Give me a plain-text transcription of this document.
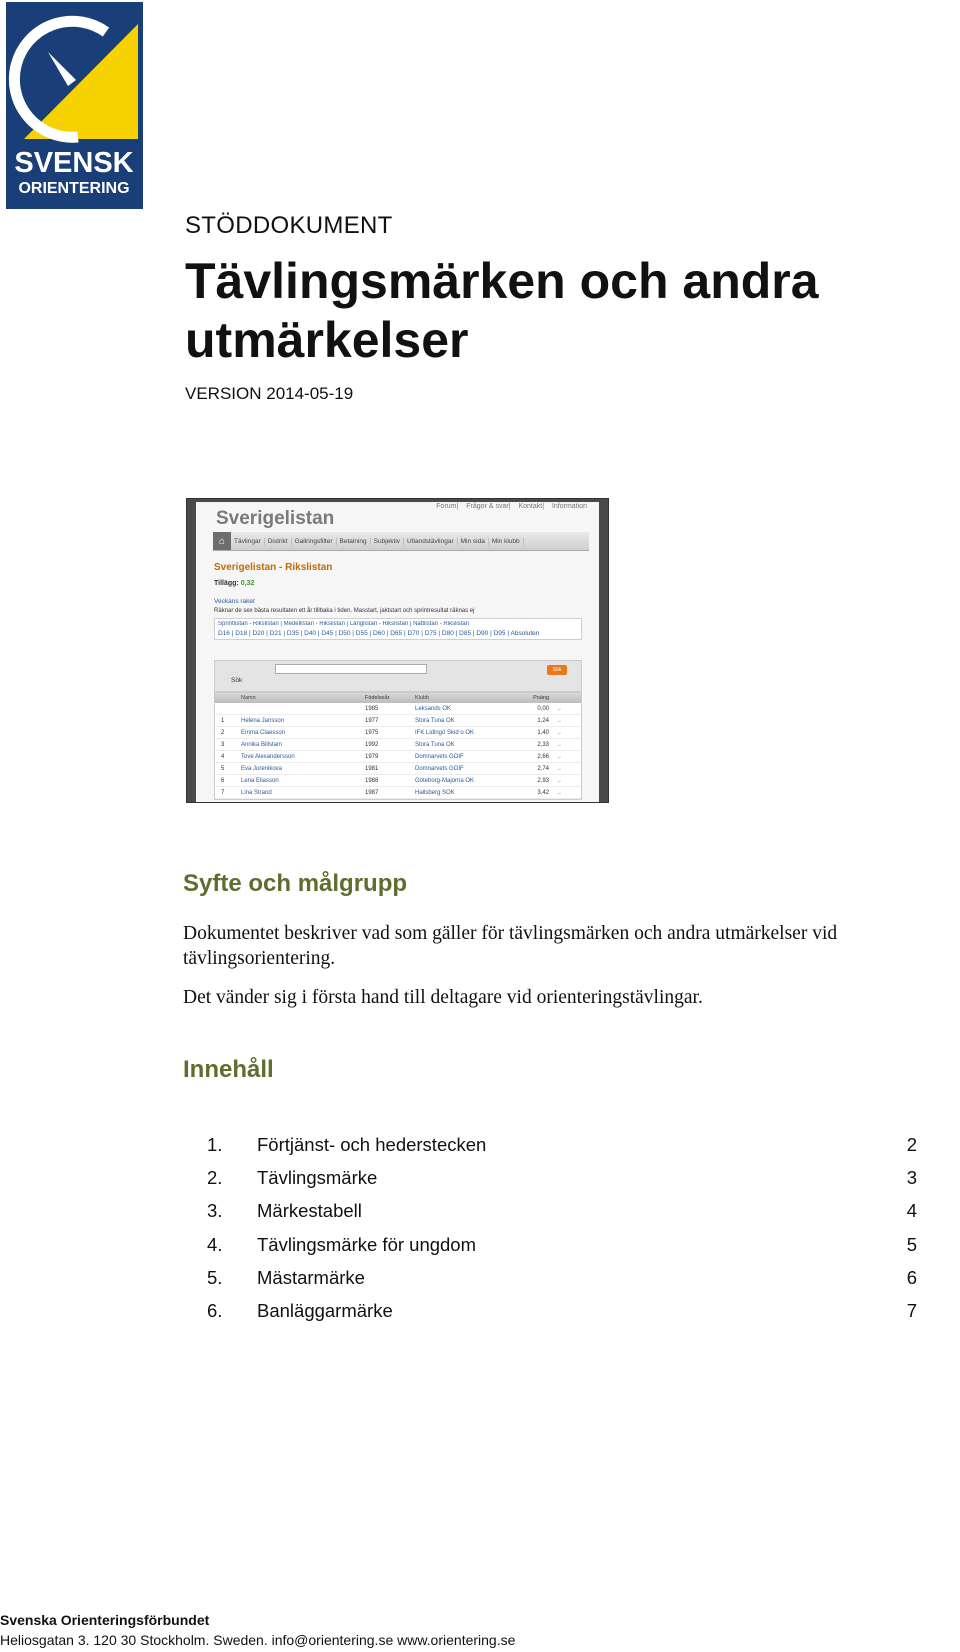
SVENSK
ORIENTERING
STÖDDOKUMENT
Tävlingsmärken och andra utmärkelser
VERSION 2014-05-19
Forum| Frågor & svar| Kontakt| Information
Sverigelistan
⌂	Tävlingar	Distrikt	Gallringsfilter	Betalning	Subjektiv	Utlandstävlingar	Min sida	Min klubb
Sverigelistan - Rikslistan
Tillägg: 0,32
Veckans raket
Räknar de sex bästa resultaten ett år tillbaka i tiden. Masstart, jaktstart och sprintresultat räknas ej
Sprintlistan - Rikslistan | Medellistan - Rikslistan | Långlistan - Rikslistan | Nattlistan - Rikslistan
D16 | D18 | D20 | D21 | D35 | D40 | D45 | D50 | D55 | D60 | D65 | D70 | D75 | D80 | D85 | D90 | D95 | Absoluten
Sök
Sök
Namn	Födelseår	Klubb	Poäng
1985	Leksands OK	0,00	→
1	Helena Jansson	1977	Stora Tuna OK	1,24	→
2	Emma Claesson	1975	IFK Lidingö Skid o OK	1,40	→
3	Annika Billstam	1992	Stora Tuna OK	2,33	→
4	Tove Alexandersson	1979	Domnarvets GOIF	2,66	→
5	Eva Jurenikova	1981	Domnarvets GOIF	2,74	→
6	Lena Eliasson	1988	Göteborg-Majorna OK	2,93	→
7	Lina Strand	1987	Hallsberg SOK	3,42	→
Syfte och målgrupp

Dokumentet beskriver vad som gäller för tävlingsmärken och andra utmärkelser vid tävlingsorientering.

Det vänder sig i första hand till deltagare vid orienteringstävlingar.

Innehåll
1.	Förtjänst- och hederstecken	2
2.	Tävlingsmärke	3
3.	Märkestabell	4
4.	Tävlingsmärke för ungdom	5
5.	Mästarmärke	6
6.	Banläggarmärke	7
Svenska Orienteringsförbundet
Heliosgatan 3. 120 30 Stockholm. Sweden. info@orientering.se www.orientering.se
